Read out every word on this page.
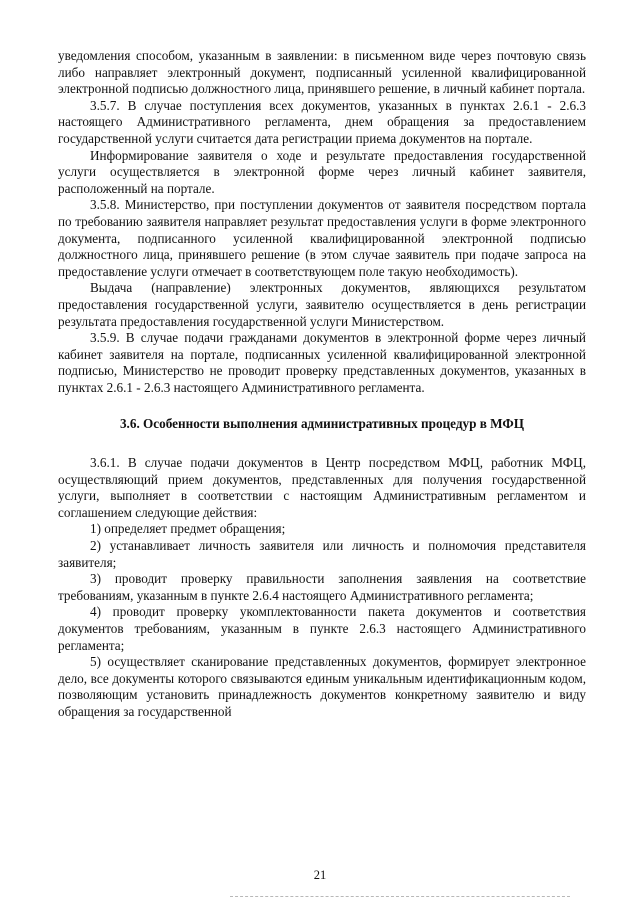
уведомления способом, указанным в заявлении: в письменном виде через почтовую связь либо направляет электронный документ, подписанный усиленной квалифицированной электронной подписью должностного лица, принявшего решение, в личный кабинет портала.

3.5.7. В случае поступления всех документов, указанных в пунктах 2.6.1 - 2.6.3 настоящего Административного регламента, днем обращения за предоставлением государственной услуги считается дата регистрации приема документов на портале.

Информирование заявителя о ходе и результате предоставления государственной услуги осуществляется в электронной форме через личный кабинет заявителя, расположенный на портале.

3.5.8. Министерство, при поступлении документов от заявителя посредством портала по требованию заявителя направляет результат предоставления услуги в форме электронного документа, подписанного усиленной квалифицированной электронной подписью должностного лица, принявшего решение (в этом случае заявитель при подаче запроса на предоставление услуги отмечает в соответствующем поле такую необходимость).

Выдача (направление) электронных документов, являющихся результатом предоставления государственной услуги, заявителю осуществляется в день регистрации результата предоставления государственной услуги Министерством.

3.5.9. В случае подачи гражданами документов в электронной форме через личный кабинет заявителя на портале, подписанных усиленной квалифицированной электронной подписью, Министерство не проводит проверку представленных документов, указанных в пунктах 2.6.1 - 2.6.3 настоящего Административного регламента.

3.6. Особенности выполнения административных процедур в МФЦ

3.6.1. В случае подачи документов в Центр посредством МФЦ, работник МФЦ, осуществляющий прием документов, представленных для получения государственной услуги, выполняет в соответствии с настоящим Административным регламентом и соглашением следующие действия:

1) определяет предмет обращения;

2) устанавливает личность заявителя или личность и полномочия представителя заявителя;

3) проводит проверку правильности заполнения заявления на соответствие требованиям, указанным в пункте 2.6.4 настоящего Административного регламента;

4) проводит проверку укомплектованности пакета документов и соответствия документов требованиям, указанным в пункте 2.6.3 настоящего Административного регламента;

5) осуществляет сканирование представленных документов, формирует электронное дело, все документы которого связываются единым уникальным идентификационным кодом, позволяющим установить принадлежность документов конкретному заявителю и виду обращения за государственной

21
